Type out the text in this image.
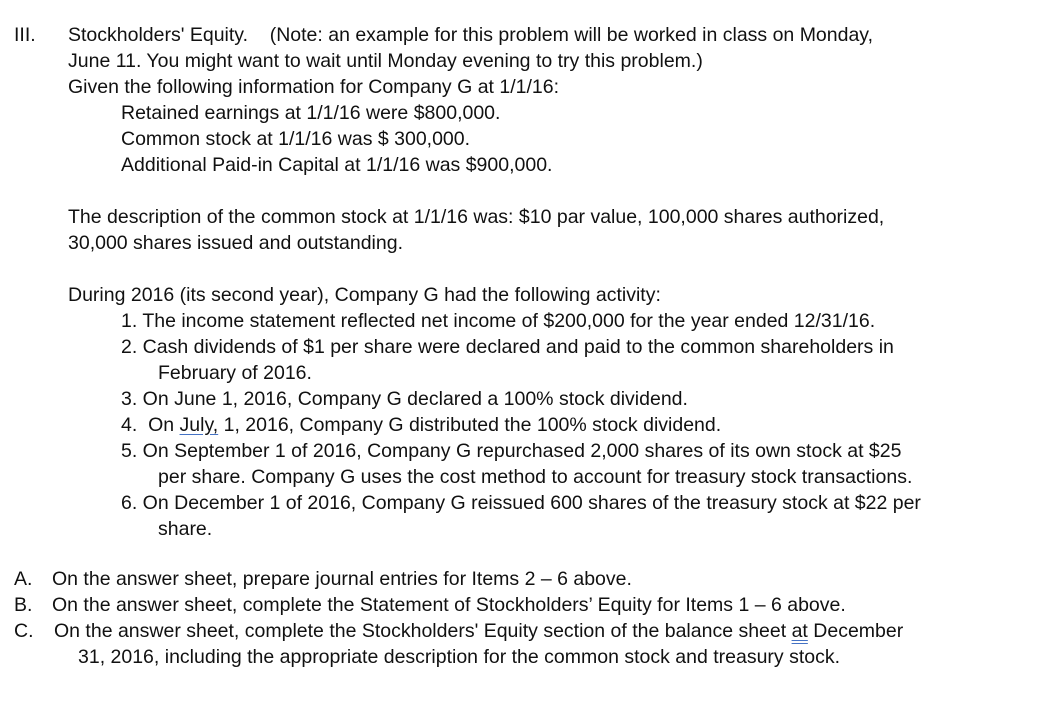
III. Stockholders' Equity.    (Note: an example for this problem will be worked in class on Monday,
June 11. You might want to wait until Monday evening to try this problem.)
Given the following information for Company G at 1/1/16:
Retained earnings at 1/1/16 were $800,000.
Common stock at 1/1/16 was $ 300,000.
Additional Paid-in Capital at 1/1/16 was $900,000.
The description of the common stock at 1/1/16 was: $10 par value, 100,000 shares authorized,
30,000 shares issued and outstanding.
During 2016 (its second year), Company G had the following activity:
1. The income statement reflected net income of $200,000 for the year ended 12/31/16.
2. Cash dividends of $1 per share were declared and paid to the common shareholders in
February of 2016.
3. On June 1, 2016, Company G declared a 100% stock dividend.
4.  On July, 1, 2016, Company G distributed the 100% stock dividend.
5. On September 1 of 2016, Company G repurchased 2,000 shares of its own stock at $25
per share. Company G uses the cost method to account for treasury stock transactions.
6. On December 1 of 2016, Company G reissued 600 shares of the treasury stock at $22 per
share.
A. On the answer sheet, prepare journal entries for Items 2 – 6 above.
B. On the answer sheet, complete the Statement of Stockholders’ Equity for Items 1 – 6 above.
C. On the answer sheet, complete the Stockholders' Equity section of the balance sheet at December
31, 2016, including the appropriate description for the common stock and treasury stock.
